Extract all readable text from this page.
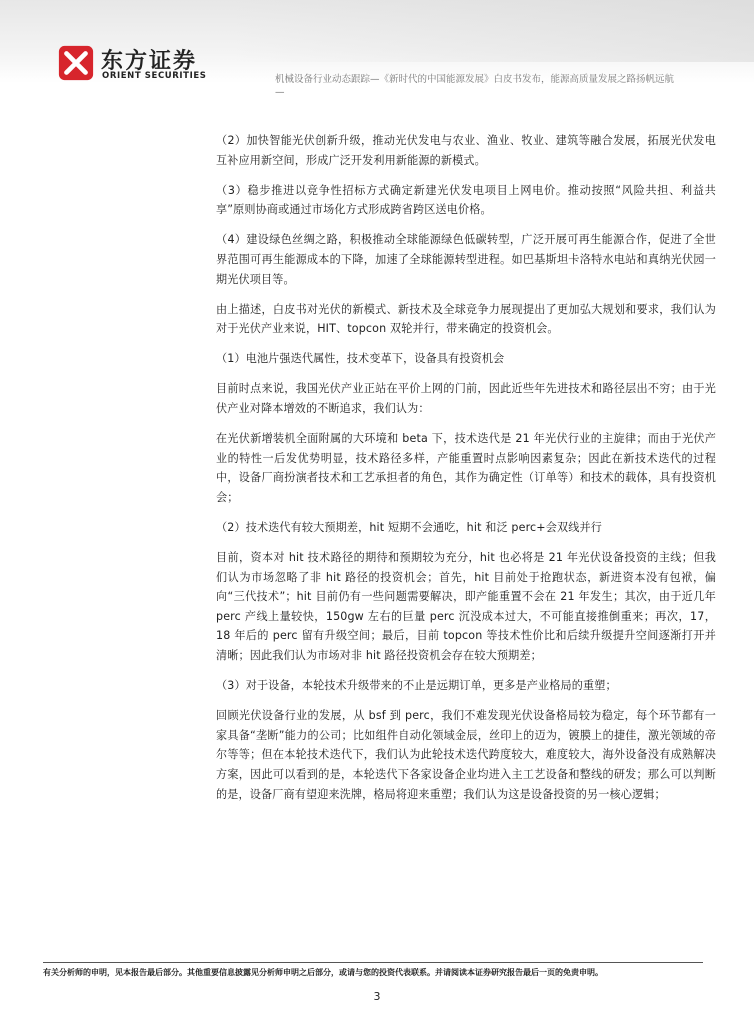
东方证券
ORIENT SECURITIES	机械设备行业动态跟踪—《新时代的中国能源发展》白皮书发布，能源高质量发展之路扬帆远航
—

（2）加快智能光伏创新升级，推动光伏发电与农业、渔业、牧业、建筑等融合发展，拓展光伏发电互补应用新空间，形成广泛开发利用新能源的新模式。

（3）稳步推进以竞争性招标方式确定新建光伏发电项目上网电价。推动按照“风险共担、利益共享”原则协商或通过市场化方式形成跨省跨区送电价格。

（4）建设绿色丝绸之路，积极推动全球能源绿色低碳转型，广泛开展可再生能源合作，促进了全世界范围可再生能源成本的下降，加速了全球能源转型进程。如巴基斯坦卡洛特水电站和真纳光伏园一期光伏项目等。

由上描述，白皮书对光伏的新模式、新技术及全球竞争力展现提出了更加弘大规划和要求，我们认为对于光伏产业来说，HIT、topcon 双轮并行，带来确定的投资机会。

（1）电池片强迭代属性，技术变革下，设备具有投资机会

目前时点来说，我国光伏产业正站在平价上网的门前，因此近些年先进技术和路径层出不穷；由于光伏产业对降本增效的不断追求，我们认为：

在光伏新增装机全面附属的大环境和 beta 下，技术迭代是 21 年光伏行业的主旋律；而由于光伏产业的特性一后发优势明显，技术路径多样，产能重置时点影响因素复杂；因此在新技术迭代的过程中，设备厂商扮演者技术和工艺承担者的角色，其作为确定性（订单等）和技术的载体，具有投资机会；

（2）技术迭代有较大预期差，hit 短期不会通吃，hit 和泛 perc+会双线并行

目前，资本对 hit 技术路径的期待和预期较为充分，hit 也必将是 21 年光伏设备投资的主线；但我们认为市场忽略了非 hit 路径的投资机会；首先，hit 目前处于抢跑状态，新进资本没有包袱，偏向“三代技术”；hit 目前仍有一些问题需要解决，即产能重置不会在 21 年发生；其次，由于近几年 perc 产线上量较快，150gw 左右的巨量 perc 沉没成本过大，不可能直接推倒重来；再次，17，18 年后的 perc 留有升级空间；最后，目前 topcon 等技术性价比和后续升级提升空间逐渐打开并清晰；因此我们认为市场对非 hit 路径投资机会存在较大预期差；

（3）对于设备，本轮技术升级带来的不止是远期订单，更多是产业格局的重塑；

回顾光伏设备行业的发展，从 bsf 到 perc，我们不难发现光伏设备格局较为稳定，每个环节都有一家具备“垄断”能力的公司；比如组件自动化领域金辰，丝印上的迈为，镀膜上的捷佳，激光领域的帝尔等等；但在本轮技术迭代下，我们认为此轮技术迭代跨度较大，难度较大，海外设备没有成熟解决方案，因此可以看到的是，本轮迭代下各家设备企业均进入主工艺设备和整线的研发；那么可以判断的是，设备厂商有望迎来洗牌，格局将迎来重塑；我们认为这是设备投资的另一核心逻辑；

有关分析师的申明，见本报告最后部分。其他重要信息披露见分析师申明之后部分，或请与您的投资代表联系。并请阅读本证券研究报告最后一页的免责申明。
3
